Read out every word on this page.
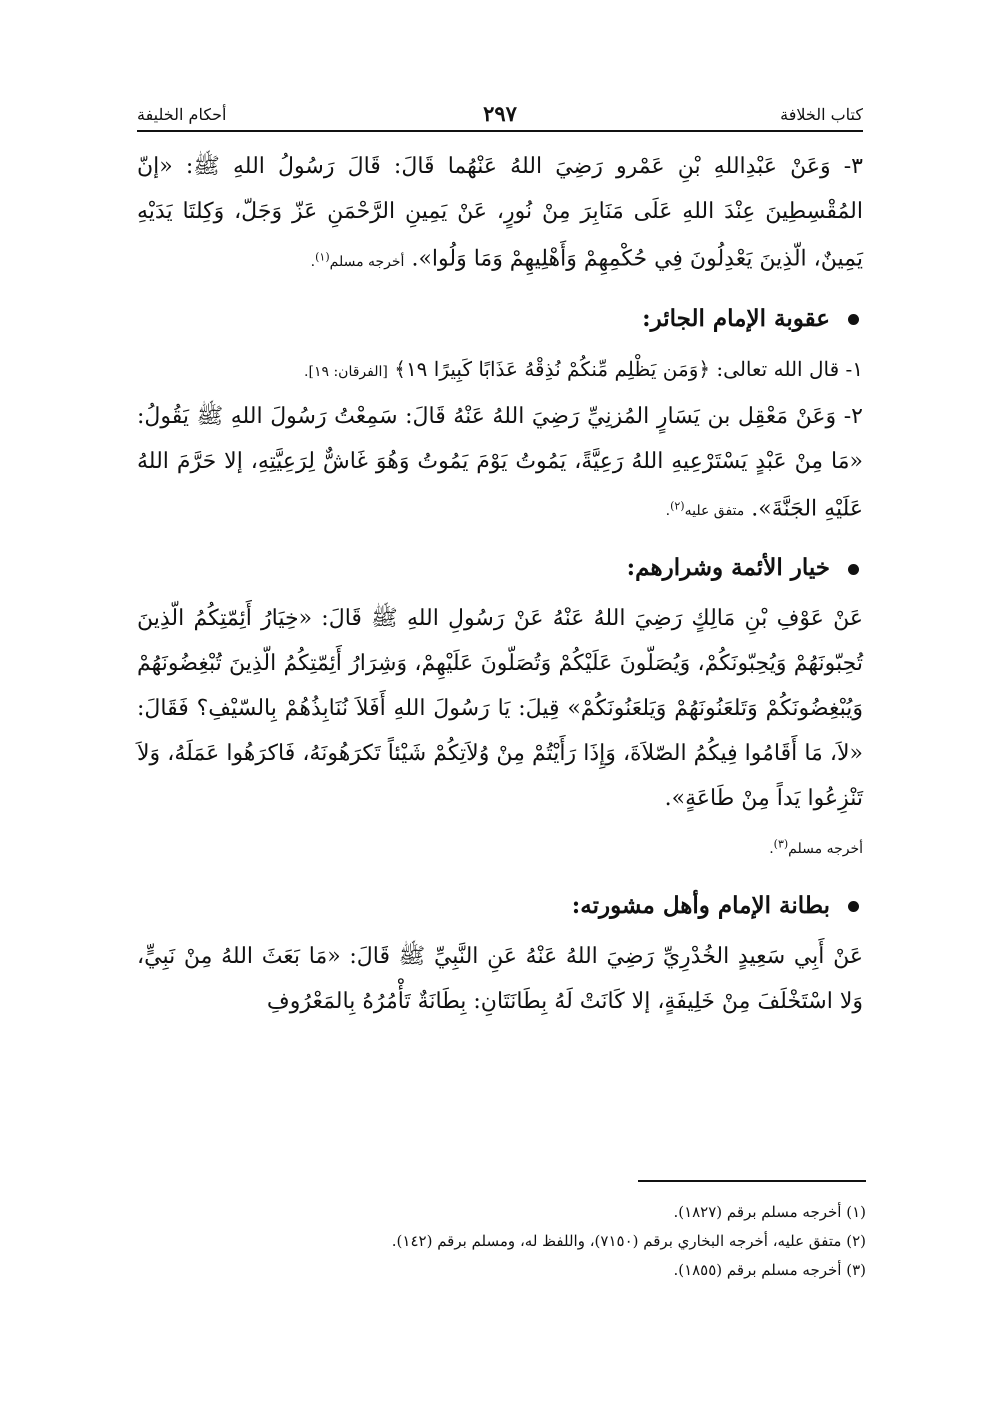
كتاب الخلافة
٢٩٧
أحكام الخليفة

٣- وَعَنْ عَبْدِاللهِ بْنِ عَمْرو رَضِيَ اللهُ عَنْهُما قَالَ: قَالَ رَسُولُ اللهِ ﷺ: «إنّ المُقْسِطِينَ عِنْدَ اللهِ عَلَى مَنَابِرَ مِنْ نُورٍ، عَنْ يَمِينِ الرَّحْمَنِ عَزّ وَجَلّ، وَكِلتَا يَدَيْهِ يَمِينٌ، الّذِينَ يَعْدِلُونَ فِي حُكْمِهِمْ وَأَهْلِيهِمْ وَمَا وَلُوا». أخرجه مسلم$^{(١)}$.

عقوبة الإمام الجائر:

١- قال الله تعالى: ﴿وَمَن يَظْلِم مِّنكُمْ نُذِقْهُ عَذَابًا كَبِيرًا ١٩﴾ [الفرقان: ١٩].

٢- وَعَنْ مَعْقِل بن يَسَارٍ المُزنِيِّ رَضِيَ اللهُ عَنْهُ قَالَ: سَمِعْتُ رَسُولَ اللهِ ﷺ يَقُولُ: «مَا مِنْ عَبْدٍ يَسْتَرْعِيهِ اللهُ رَعِيَّةً، يَمُوتُ يَوْمَ يَمُوتُ وَهُوَ غَاشٌّ لِرَعِيَّتِهِ، إلا حَرَّمَ اللهُ عَلَيْهِ الجَنَّةَ». متفق عليه$^{(٢)}$.

خيار الأئمة وشرارهم:

عَنْ عَوْفِ بْنِ مَالِكٍ رَضِيَ اللهُ عَنْهُ عَنْ رَسُولِ اللهِ ﷺ قَالَ: «خِيَارُ أَئِمّتِكُمُ الّذِينَ تُحِبّونَهُمْ وَيُحِبّونَكُمْ، وَيُصَلّونَ عَلَيْكُمْ وَتُصَلّونَ عَلَيْهِمْ، وَشِرَارُ أَئِمّتِكُمُ الّذِينَ تُبْغِضُونَهُمْ وَيُبْغِضُونَكُمْ وَتَلعَنُونَهُمْ وَيَلعَنُونَكُمْ» قِيلَ: يَا رَسُولَ اللهِ أَفَلاَ نُنَابِذُهُمْ بِالسّيْفِ؟ فَقَالَ: «لاَ، مَا أَقَامُوا فِيكُمُ الصّلاَةَ، وَإِذَا رَأَيْتُمْ مِنْ وُلاَتِكُمْ شَيْئاً تَكرَهُونَهُ، فَاكرَهُوا عَمَلَهُ، وَلاَ تَنْزِعُوا يَداً مِنْ طَاعَةٍ».
أخرجه مسلم$^{(٣)}$.

بطانة الإمام وأهل مشورته:

عَنْ أَبِي سَعِيدٍ الخُدْرِيِّ رَضِيَ اللهُ عَنْهُ عَنِ النَّبِيِّ ﷺ قَالَ: «مَا بَعَثَ اللهُ مِنْ نَبِيٍّ، وَلا اسْتَخْلَفَ مِنْ خَلِيفَةٍ، إلا كَانَتْ لَهُ بِطَانَتَانِ: بِطَانَةٌ تَأْمُرُهُ بِالمَعْرُوفِ

(١) أخرجه مسلم برقم (١٨٢٧).

(٢) متفق عليه، أخرجه البخاري برقم (٧١٥٠)، واللفظ له، ومسلم برقم (١٤٢).

(٣) أخرجه مسلم برقم (١٨٥٥).
